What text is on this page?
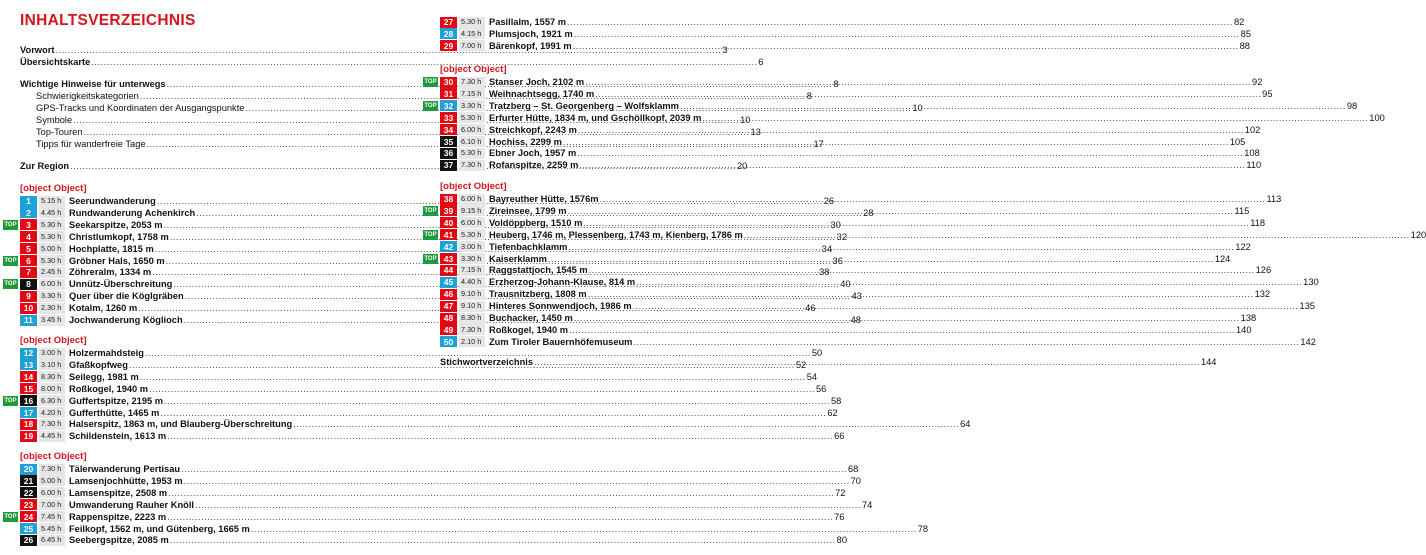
INHALTSVERZEICHNIS
Vorwort .....	3
Übersichtskarte .....	6
Wichtige Hinweise für unterwegs .....	8
Schwierigkeitskategorien .....	8
GPS-Tracks und Koordinaten der Ausgangspunkte .....	10
Symbole .....	10
Top-Touren .....	13
Tipps für wanderfreie Tage .....	17
Zur Region .....	20
[object Object]
1	5.15 h Seerundwanderung .....	26
2	4.45 h Rundwanderung Achenkirch .....	28
TOP	3	5.30 h Seekarspitze, 2053 m .....	30
4	5.30 h Christlumkopf, 1758 m .....	32
5	5.00 h Hochplatte, 1815 m .....	34
TOP	6	5.30 h Gröbner Hals, 1650 m .....	36
7	2.45 h Zöhreralm, 1334 m .....	38
TOP	8	6.00 h Unnütz-Überschreitung .....	40
9	3.30 h Quer über die Köglgräben .....	43
10	2.30 h Kotalm, 1260 m .....	46
11	3.45 h Jochwanderung Köglioch .....	48
[object Object]
12	3.00 h Holzermahdsteig .....	50
13	3.10 h Gfaßkopfweg .....	52
14	8.30 h Seilegg, 1981 m .....	54
15	8.00 h Roßkogel, 1940 m .....	56
TOP 16	6.30 h Guffertspitze, 2195 m .....	58
17	4.20 h Gufferthütte, 1465 m .....	62
18	7.30 h Halserspitz, 1863 m, und Blauberg-Überschreitung .....	64
19	4.45 h Schildenstein, 1613 m .....	66
[object Object]
20	7.30 h Tälerwanderung Pertisau .....	68
21	5.00 h Lamsenjochhütte, 1953 m .....	70
22	6.00 h Lamsenspitze, 2508 m .....	72
23	7.00 h Umwanderung Rauher Knöll .....	74
TOP 24	7.45 h Rappenspitze, 2223 m .....	76
25	5.45 h Feilkopf, 1562 m, und Gütenberg, 1665 m .....	78
26	6.45 h Seebergspitze, 2085 m .....	80
27	5.30 h Pasillalm, 1557 m .....	82
28	4.15 h Plumsjoch, 1921 m .....	85
29	7.00 h Bärenkopf, 1991 m .....	88
[object Object]
TOP 30	7.30 h Stanser Joch, 2102 m .....	92
31	7.15 h Weihnachtsegg, 1740 m .....	95
TOP 32	3.30 h Tratzberg – St. Georgenberg – Wolfsklamm .....	98
33	5.30 h Erfurter Hütte, 1834 m, und Gschöllkopf, 2039 m .....	100
34	6.00 h Streichkopf, 2243 m .....	102
35	6.10 h Hochiss, 2299 m .....	105
36	5.30 h Ebner Joch, 1957 m .....	108
37	7.30 h Rofanspitze, 2259 m .....	110
[object Object]
38	6.00 h Bayreuther Hütte, 1576m .....	113
TOP 39	9.15 h Zireinsee, 1799 m .....	115
40	6.00 h Voldöppberg, 1510 m .....	118
TOP 41	5.30 h Heuberg, 1746 m, Plessenberg, 1743 m, Kienberg, 1786 m .....	120
42	3.00 h Tiefenbachklamm .....	122
TOP 43	3.30 h Kaiserklamm .....	124
44	7.15 h Raggstattjoch, 1545 m .....	126
45	4.40 h Erzherzog-Johann-Klause, 814 m .....	130
46	9.10 h Trausnitzberg, 1808 m .....	132
47	9.10 h Hinteres Sonnwendjoch, 1986 m .....	135
48	8.30 h Buchacker, 1450 m .....	138
49	7.30 h Roßkogel, 1940 m .....	140
50	2.10 h Zum Tiroler Bauernhöfemuseum .....	142
Stichwortverzeichnis .....	144
